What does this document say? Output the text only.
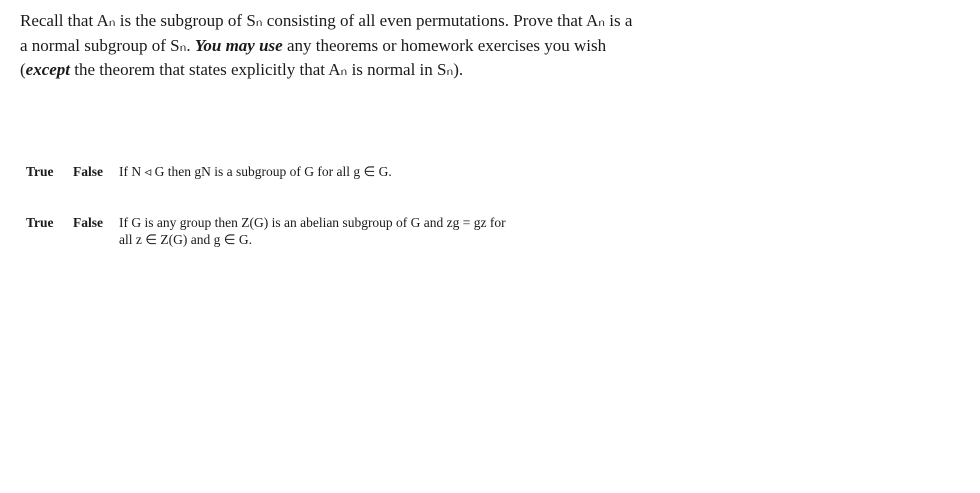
Recall that Aₙ is the subgroup of Sₙ consisting of all even permutations. Prove that Aₙ is a
a normal subgroup of Sₙ. You may use any theorems or homework exercises you wish
(except the theorem that states explicitly that Aₙ is normal in Sₙ).
True False If N ◃ G then gN is a subgroup of G for all g ∈ G.
True False If G is any group then Z(G) is an abelian subgroup of G and zg = gz for
all z ∈ Z(G) and g ∈ G.
